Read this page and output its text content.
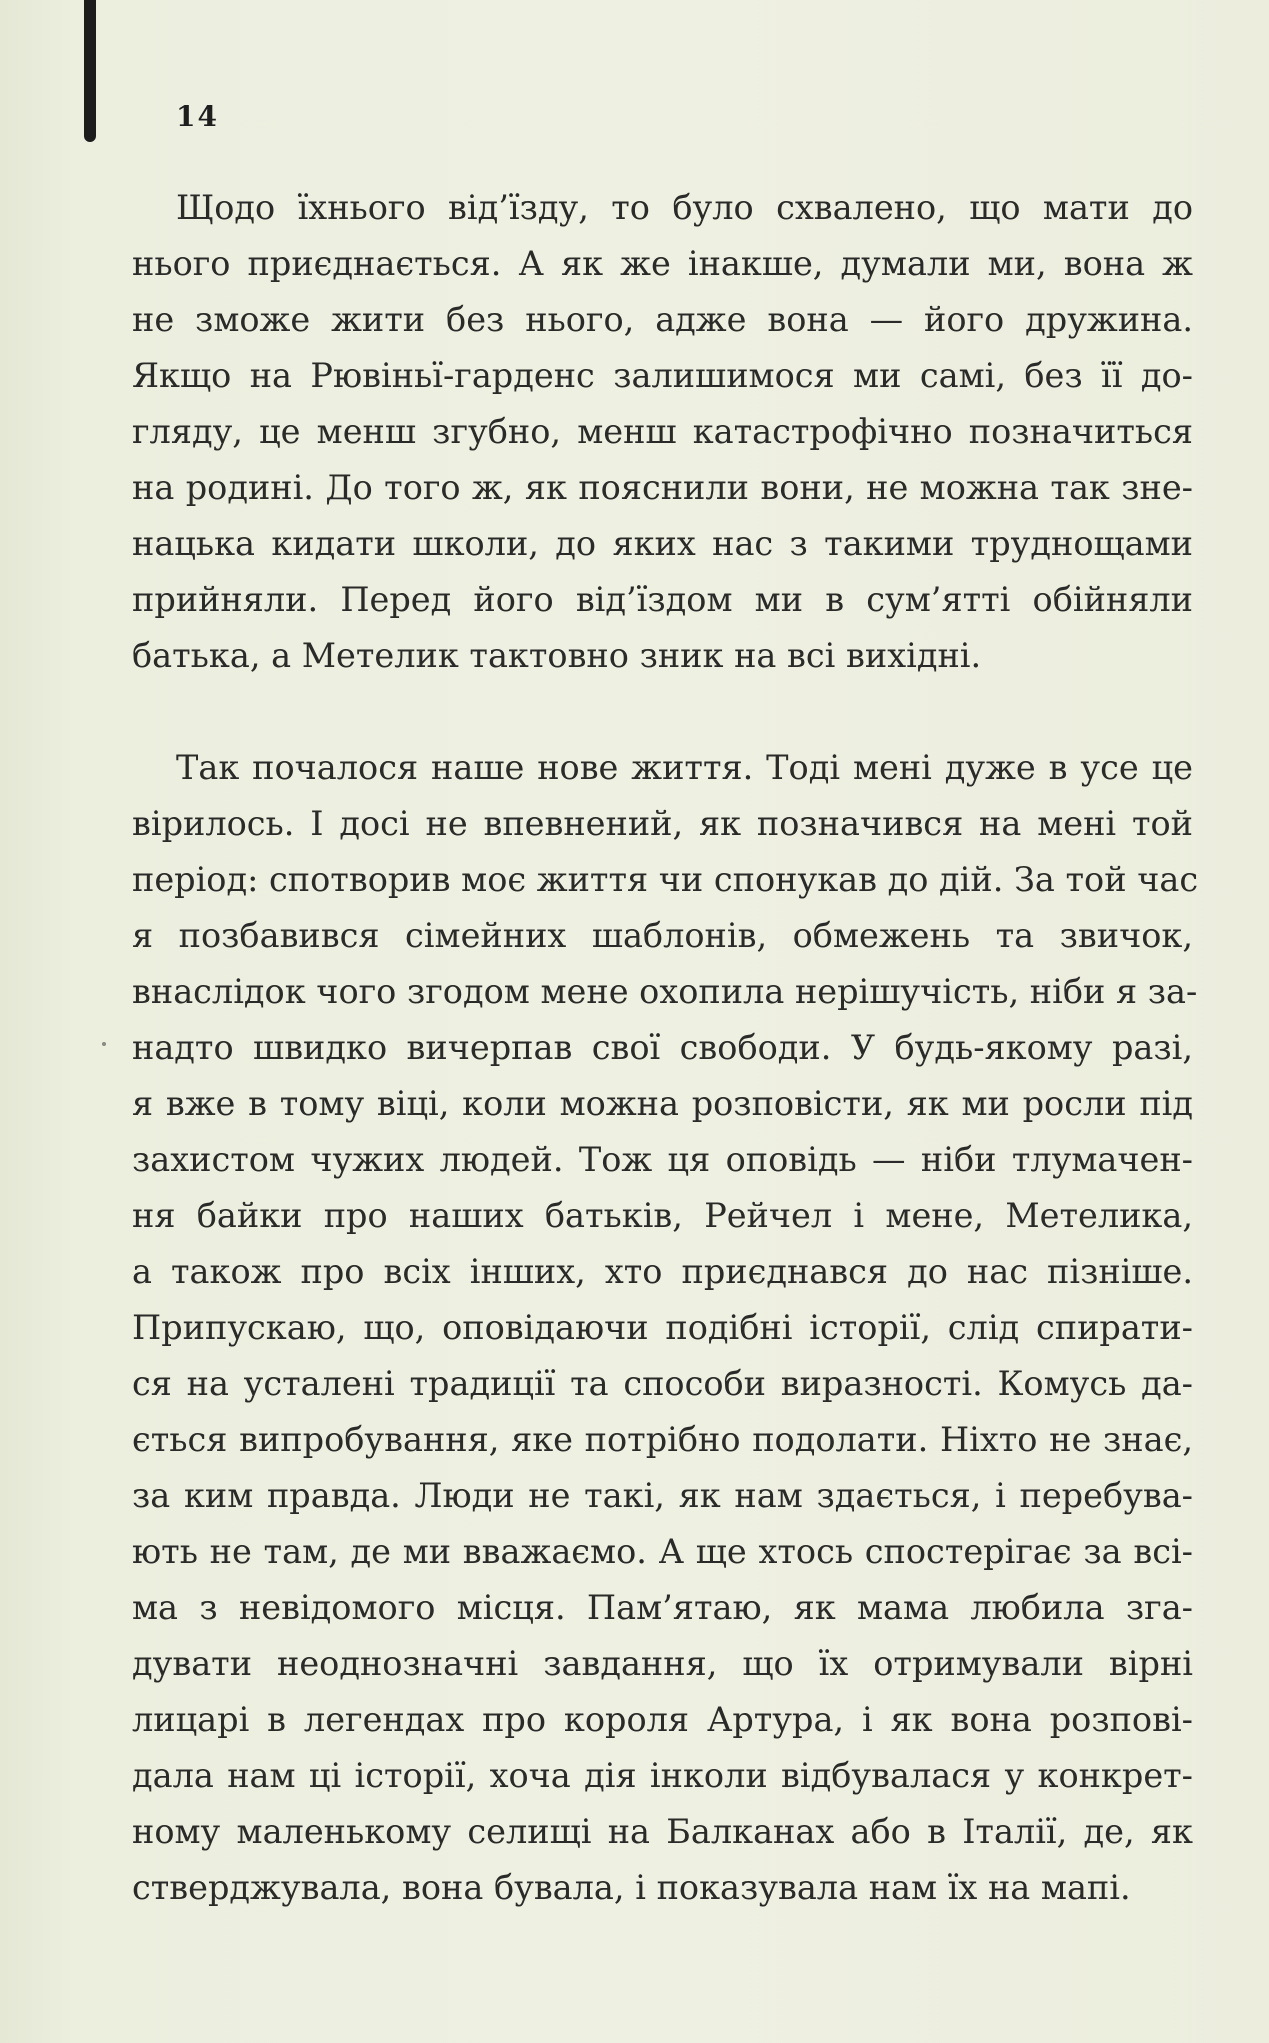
14
Щодо їхнього від’їзду, то було схвалено, що мати до
нього приєднається. А як же інакше, думали ми, вона ж
не зможе жити без нього, адже вона — його дружина.
Якщо на Рювіньї-гарденс залишимося ми самі, без її до-
гляду, це менш згубно, менш катастрофічно позначиться
на родині. До того ж, як пояснили вони, не можна так зне-
нацька кидати школи, до яких нас з такими труднощами
прийняли. Перед його від’їздом ми в сум’ятті обійняли
батька, а Метелик тактовно зник на всі вихідні.
Так почалося наше нове життя. Тоді мені дуже в усе це
вірилось. І досі не впевнений, як позначився на мені той
період: спотворив моє життя чи спонукав до дій. За той час
я позбавився сімейних шаблонів, обмежень та звичок,
внаслідок чого згодом мене охопила нерішучість, ніби я за-
надто швидко вичерпав свої свободи. У будь-якому разі,
я вже в тому віці, коли можна розповісти, як ми росли під
захистом чужих людей. Тож ця оповідь — ніби тлумачен-
ня байки про наших батьків, Рейчел і мене, Метелика,
а також про всіх інших, хто приєднався до нас пізніше.
Припускаю, що, оповідаючи подібні історії, слід спирати-
ся на усталені традиції та способи виразності. Комусь да-
ється випробування, яке потрібно подолати. Ніхто не знає,
за ким правда. Люди не такі, як нам здається, і перебува-
ють не там, де ми вважаємо. А ще хтось спостерігає за всі-
ма з невідомого місця. Пам’ятаю, як мама любила зга-
дувати неоднозначні завдання, що їх отримували вірні
лицарі в легендах про короля Артура, і як вона розпові-
дала нам ці історії, хоча дія інколи відбувалася у конкрет-
ному маленькому селищі на Балканах або в Італії, де, як
стверджувала, вона бувала, і показувала нам їх на мапі.
